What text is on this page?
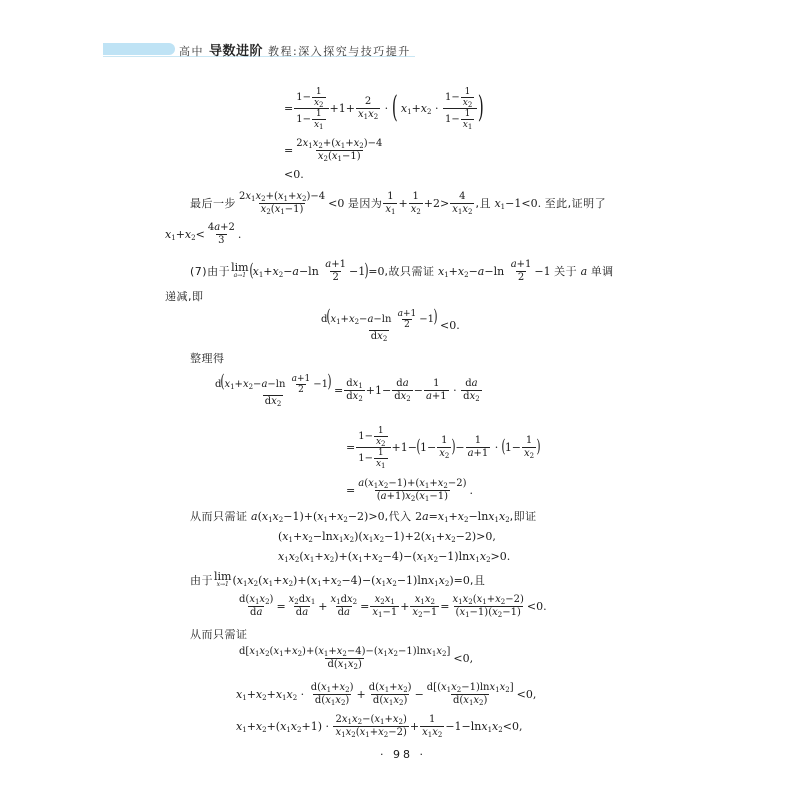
高中 导数进阶 教程:深入探究与技巧提升
= $\frac{1- \frac{1}{x_2}}{1- \frac{1}{x_1}} +1+ \frac{2}{x_1x_2}$ · ( $x_1+x_2$ ·
$1- \frac{1}{x_2}$
$1- \frac{1}{x_1}$ )
= $\frac{2x_1x_2+(x_1+x_2)-4}{x_2(x_1-1)}$
<0.
最后一步
$2x_1x_2+(x_1+x_2)-4$
$x_2(x_1-1) <0$ 是因为
1
$x_1$
+
1
$x_2$
+2>
4
$x_1x_2$
,且 $x_1-1<0$. 至此,证明了
$x_1+x_2<$
4a+2
3 .
(7)由于 lim
a→1 ( $x_1+x_2-a-\ln$
a+1
2 −1 ) =0 ,故只需证 $x_1+x_2-a-\ln$
a+1
2 −1 关于 a 单调
递减,即
$d(x_1+x_2-a-\ln \frac{a+1}{2} -1)$
$dx_2$
<0.
整理得
$\frac{d(x_1+x_2-a-\ln \frac{a+1}{2} -1)}{dx_2} = \frac{dx_1}{dx_2} +1- \frac{da}{dx_2} - \frac{1}{a+1}$ ·
da
$dx_2$
= $\frac{1- \frac{1}{x_2}}{1- \frac{1}{x_1}} +1-$ ( $1- \frac{1}{x_2}$ ) − $\frac{1}{a+1}$ · ( $1- \frac{1}{x_2}$ )
= $\frac{a(x_1x_2-1)+(x_1+x_2-2)}{(a+1)x_2(x_1-1)}$ .
从而只需证 $a(x_1x_2-1)+(x_1+x_2-2)>0$ ,代入 $2a=x_1+x_2-\ln x_1x_2$ ,即证
$(x_1+x_2-\ln x_1x_2)(x_1x_2-1)+2(x_1+x_2-2)>0$,
$x_1x_2(x_1+x_2)+(x_1+x_2-4)-(x_1x_2-1)\ln x_1x_2>0$.
由于 lim
x→1 $(x_1x_2(x_1+x_2)+(x_1+x_2-4)-(x_1x_2-1)\ln x_1x_2)=0$ ,且
$d(x_1x_2)$
da =
$x_2dx_1$
da +
$x_1dx_2$
da =
$x_2x_1$
$x_1-1$ +
$x_1x_2$
$x_2-1$ =
$x_1x_2(x_1+x_2-2)$
$(x_1-1)(x_2-1) <0$.
从而只需证
$d[x_1x_2(x_1+x_2)+(x_1+x_2-4)-(x_1x_2-1)\ln x_1x_2]$
$d(x_1x_2)$	<0,
$x_1+x_2+x_1x_2$ ·
$d(x_1+x_2)$
$d(x_1x_2)$ +
$d(x_1+x_2)$
$d(x_1x_2)$ −
$d[(x_1x_2-1)\ln x_1x_2]$
$d(x_1x_2)$	<0,
$x_1+x_2+(x_1x_2+1)$ ·
$2x_1x_2-(x_1+x_2)$
$x_1x_2(x_1+x_2-2)$ +
1
$x_1x_2$
$-1-\ln x_1x_2<0$,
· 98 ·
